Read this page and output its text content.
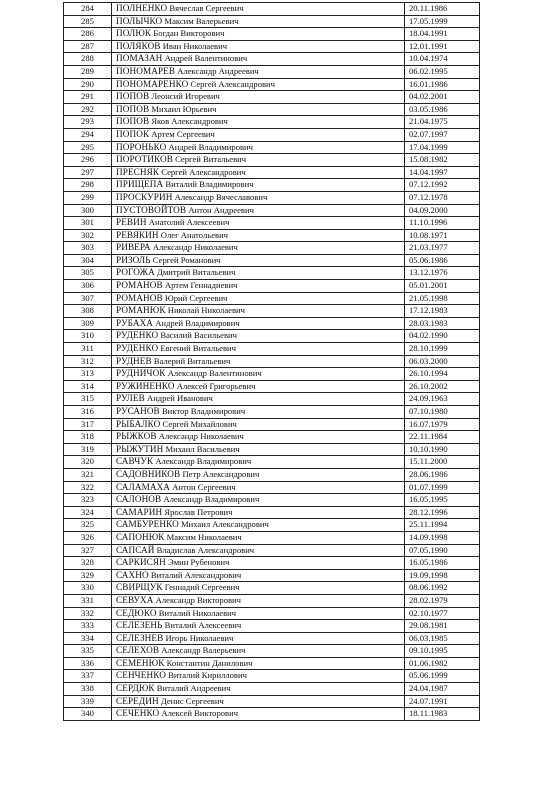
284	ПОЛНЕНКО Вячеслав Сергеевич	20.11.1986
285	ПОЛЫЧКО Максим Валерьевич	17.05.1999
286	ПОЛЮК Богдан Викторович	18.04.1991
287	ПОЛЯКОВ Иван Николаевич	12.01.1991
288	ПОМАЗАН Андрей Валентинович	10.04.1974
289	ПОНОМАРЕВ Александр Андреевич	06.02.1995
290	ПОНОМАРЕНКО Сергей Александрович	16.01.1986
291	ПОПОВ Леонсий Игоревич	04.02.2001
292	ПОПОВ Михаил Юрьевич	03.05.1986
293	ПОПОВ Яков Александрович	21.04.1975
294	ПОПОК Артем Сергеевич	02.07.1997
295	ПОРОНЬКО Андрей Владимирович	17.04.1999
296	ПОРОТИКОВ Сергей Витальевич	15.08.1982
297	ПРЕСНЯК Сергей Александрович	14.04.1997
298	ПРИЩЕПА Виталий Владимирович	07.12.1992
299	ПРОСКУРИН Александр Вячеславович	07.12.1978
300	ПУСТОВОЙТОВ Антон Андреевич	04.09.2000
301	РЕВИН Анатолий Алексеевич	11.10.1996
302	РЕВЯКИН Олег Анатольевич	10.08.1971
303	РИВЕРА Александр Николаевич	21.03.1977
304	РИЗОЛЬ Сергей Романович	05.06.1986
305	РОГОЖА Дмитрий Витальевич	13.12.1976
306	РОМАНОВ Артем Геннадиевич	05.01.2001
307	РОМАНОВ Юрий Сергеевич	21.05.1998
308	РОМАНЮК Николай Николаевич	17.12.1983
309	РУБАХА Андрей Владимирович	28.03.1983
310	РУДЕНКО Василий Васильевич	04.02.1990
311	РУДЕНКО Евгений Витальевич	28.10.1999
312	РУДНЕВ Валерий Витальевич	06.03.2000
313	РУДНИЧОК Александр Валентинович	26.10.1994
314	РУЖИНЕНКО Алексей Григорьевич	26.10.2002
315	РУЛЕВ Андрей Иванович	24.09.1963
316	РУСАНОВ Виктор Владимирович	07.10.1980
317	РЫБАЛКО Сергей Михайлович	16.07.1979
318	РЫЖКОВ Александр Николаевич	22.11.1984
319	РЫЖУТИН Михаил Васильевич	10.10.1990
320	САВЧУК Александр Владимирович	15.11.2000
321	САДОВНИКОВ Петр Александрович	28.06.1986
322	САЛАМАХА Антон Сергеевич	01.07.1999
323	САЛОНОВ Александр Владимирович	16.05.1995
324	САМАРИН Ярослав Петрович	28.12.1996
325	САМБУРЕНКО Михаил Александрович	25.11.1994
326	САПОНЮК Максим Николаевич	14.09.1998
327	САПСАЙ Владислав Александрович	07.05.1990
328	САРКИСЯН Эмин Рубенович	16.05.1986
329	САХНО Виталий Александрович	19.09.1998
330	СВИРЩУК Геннадий Сергеевич	08.06.1992
331	СЕВУХА Александр Викторович	28.02.1979
332	СЕДЮКО Виталий Николаевич	02.10.1977
333	СЕЛЕЗЕНЬ Виталий Алексеевич	29.08.1981
334	СЕЛЕЗНЕВ Игорь Николаевич	06.03.1985
335	СЕЛЕХОВ Александр Валерьевич	09.10.1995
336	СЕМЕНЮК Константин Данилович	01.06.1982
337	СЕНЧЕНКО Виталий Кириллович	05.06.1999
338	СЕРДЮК Виталий Андреевич	24.04.1987
339	СЕРЕДИН Денис Сергеевич	24.07.1991
340	СЕЧЕНКО Алексей Викторович	18.11.1983
